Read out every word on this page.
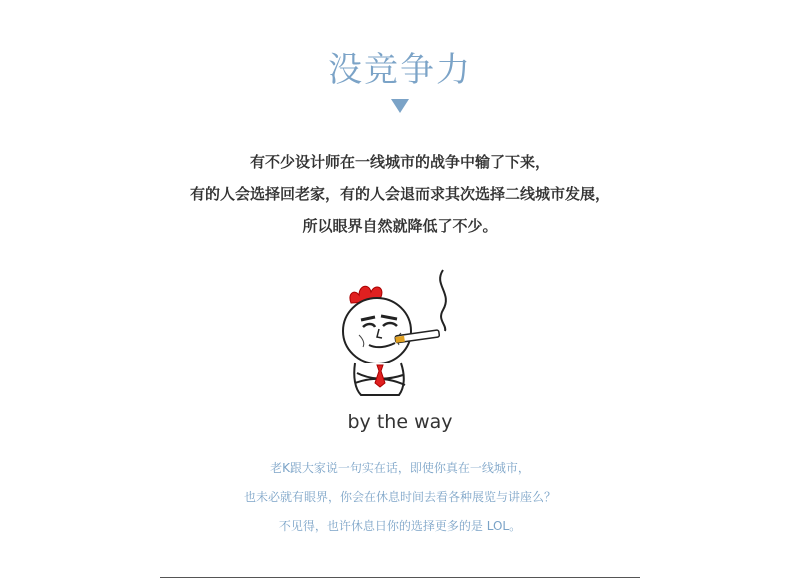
没竞争力
有不少设计师在一线城市的战争中输了下来，
有的人会选择回老家，有的人会退而求其次选择二线城市发展，
所以眼界自然就降低了不少。
by the way
老K跟大家说一句实在话，即使你真在一线城市，
也未必就有眼界，你会在休息时间去看各种展览与讲座么？
不见得，也许休息日你的选择更多的是 LOL。
